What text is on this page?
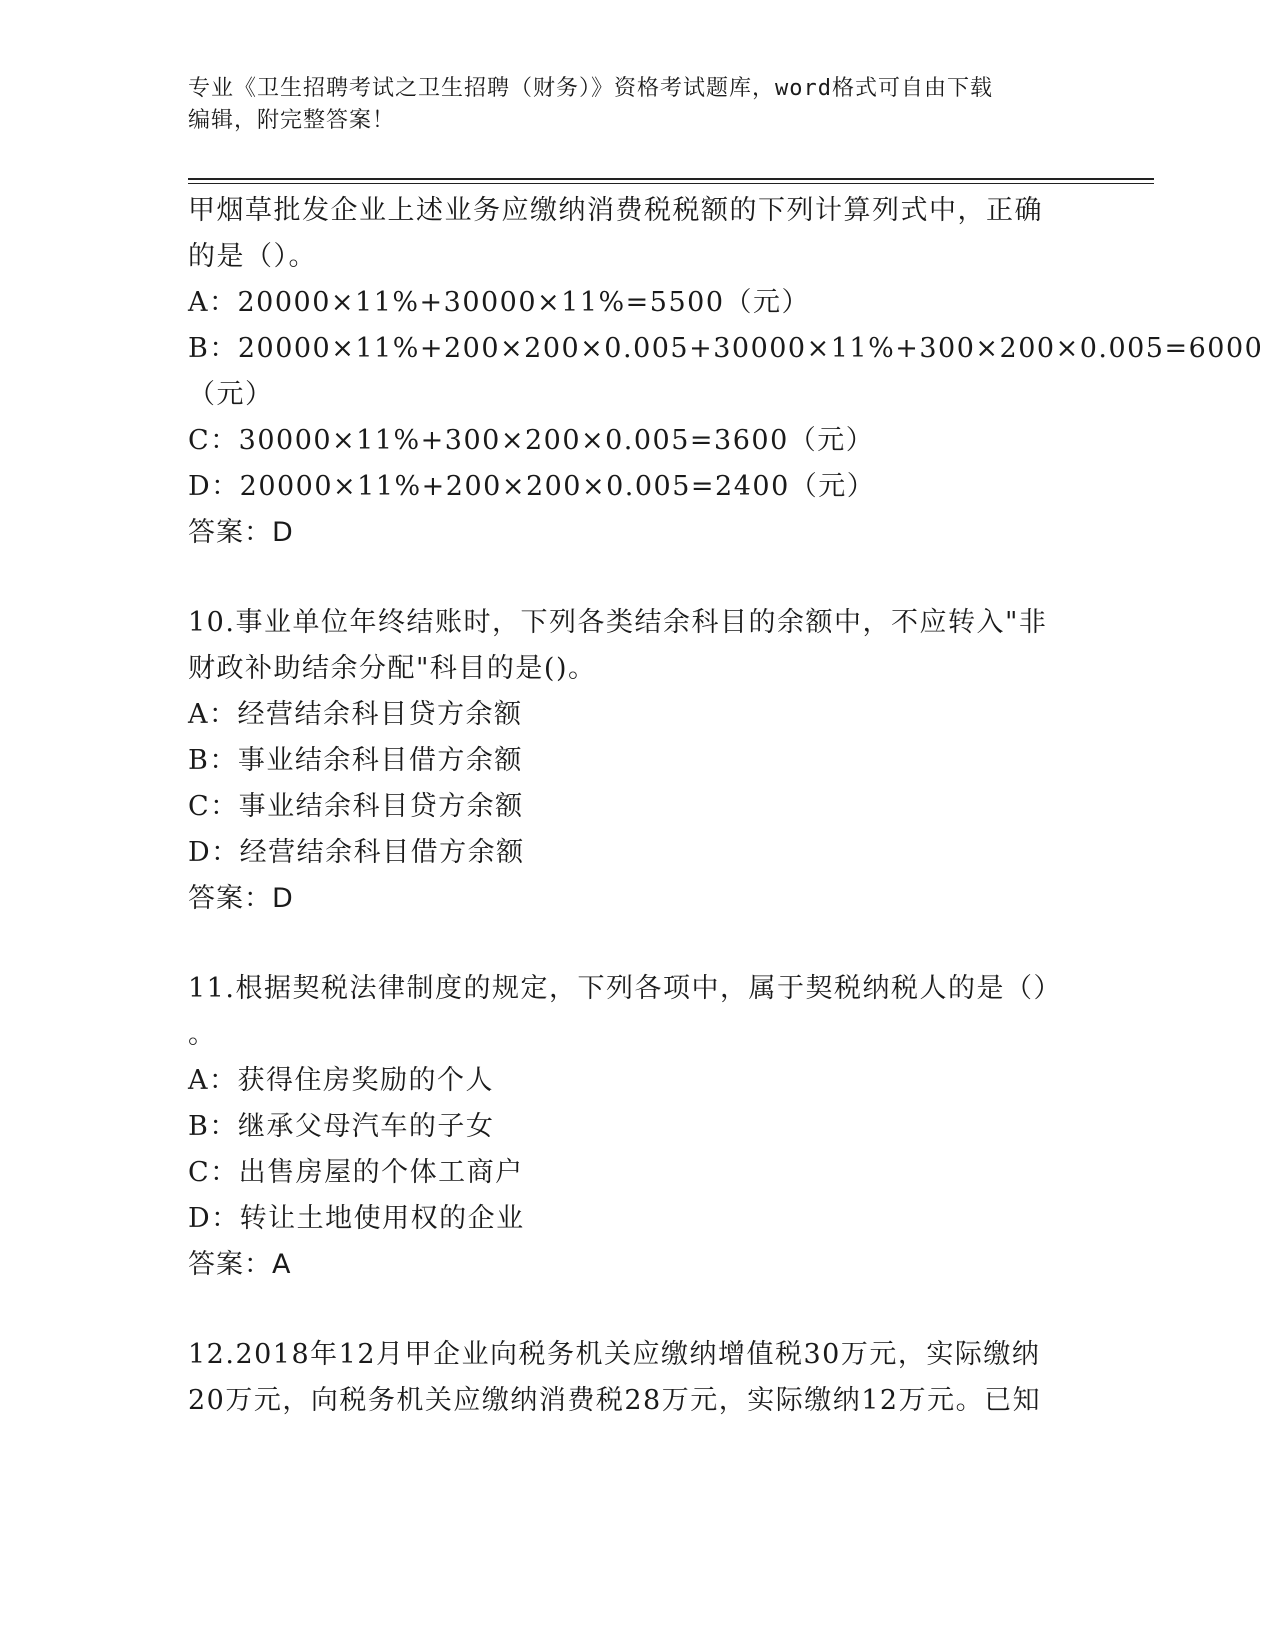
专业《卫生招聘考试之卫生招聘（财务）》资格考试题库，word格式可自由下载
编辑，附完整答案！
甲烟草批发企业上述业务应缴纳消费税税额的下列计算列式中，正确
的是（）。
A：20000×11%+30000×11%=5500（元）
B：20000×11%+200×200×0.005+30000×11%+300×200×0.005=6000
（元）
C：30000×11%+300×200×0.005=3600（元）
D：20000×11%+200×200×0.005=2400（元）
答案：D
10.事业单位年终结账时，下列各类结余科目的余额中，不应转入"非
财政补助结余分配"科目的是()。
A：经营结余科目贷方余额
B：事业结余科目借方余额
C：事业结余科目贷方余额
D：经营结余科目借方余额
答案：D
11.根据契税法律制度的规定，下列各项中，属于契税纳税人的是（）
。
A：获得住房奖励的个人
B：继承父母汽车的子女
C：出售房屋的个体工商户
D：转让土地使用权的企业
答案：A
12.2018年12月甲企业向税务机关应缴纳增值税30万元，实际缴纳
20万元，向税务机关应缴纳消费税28万元，实际缴纳12万元。已知
